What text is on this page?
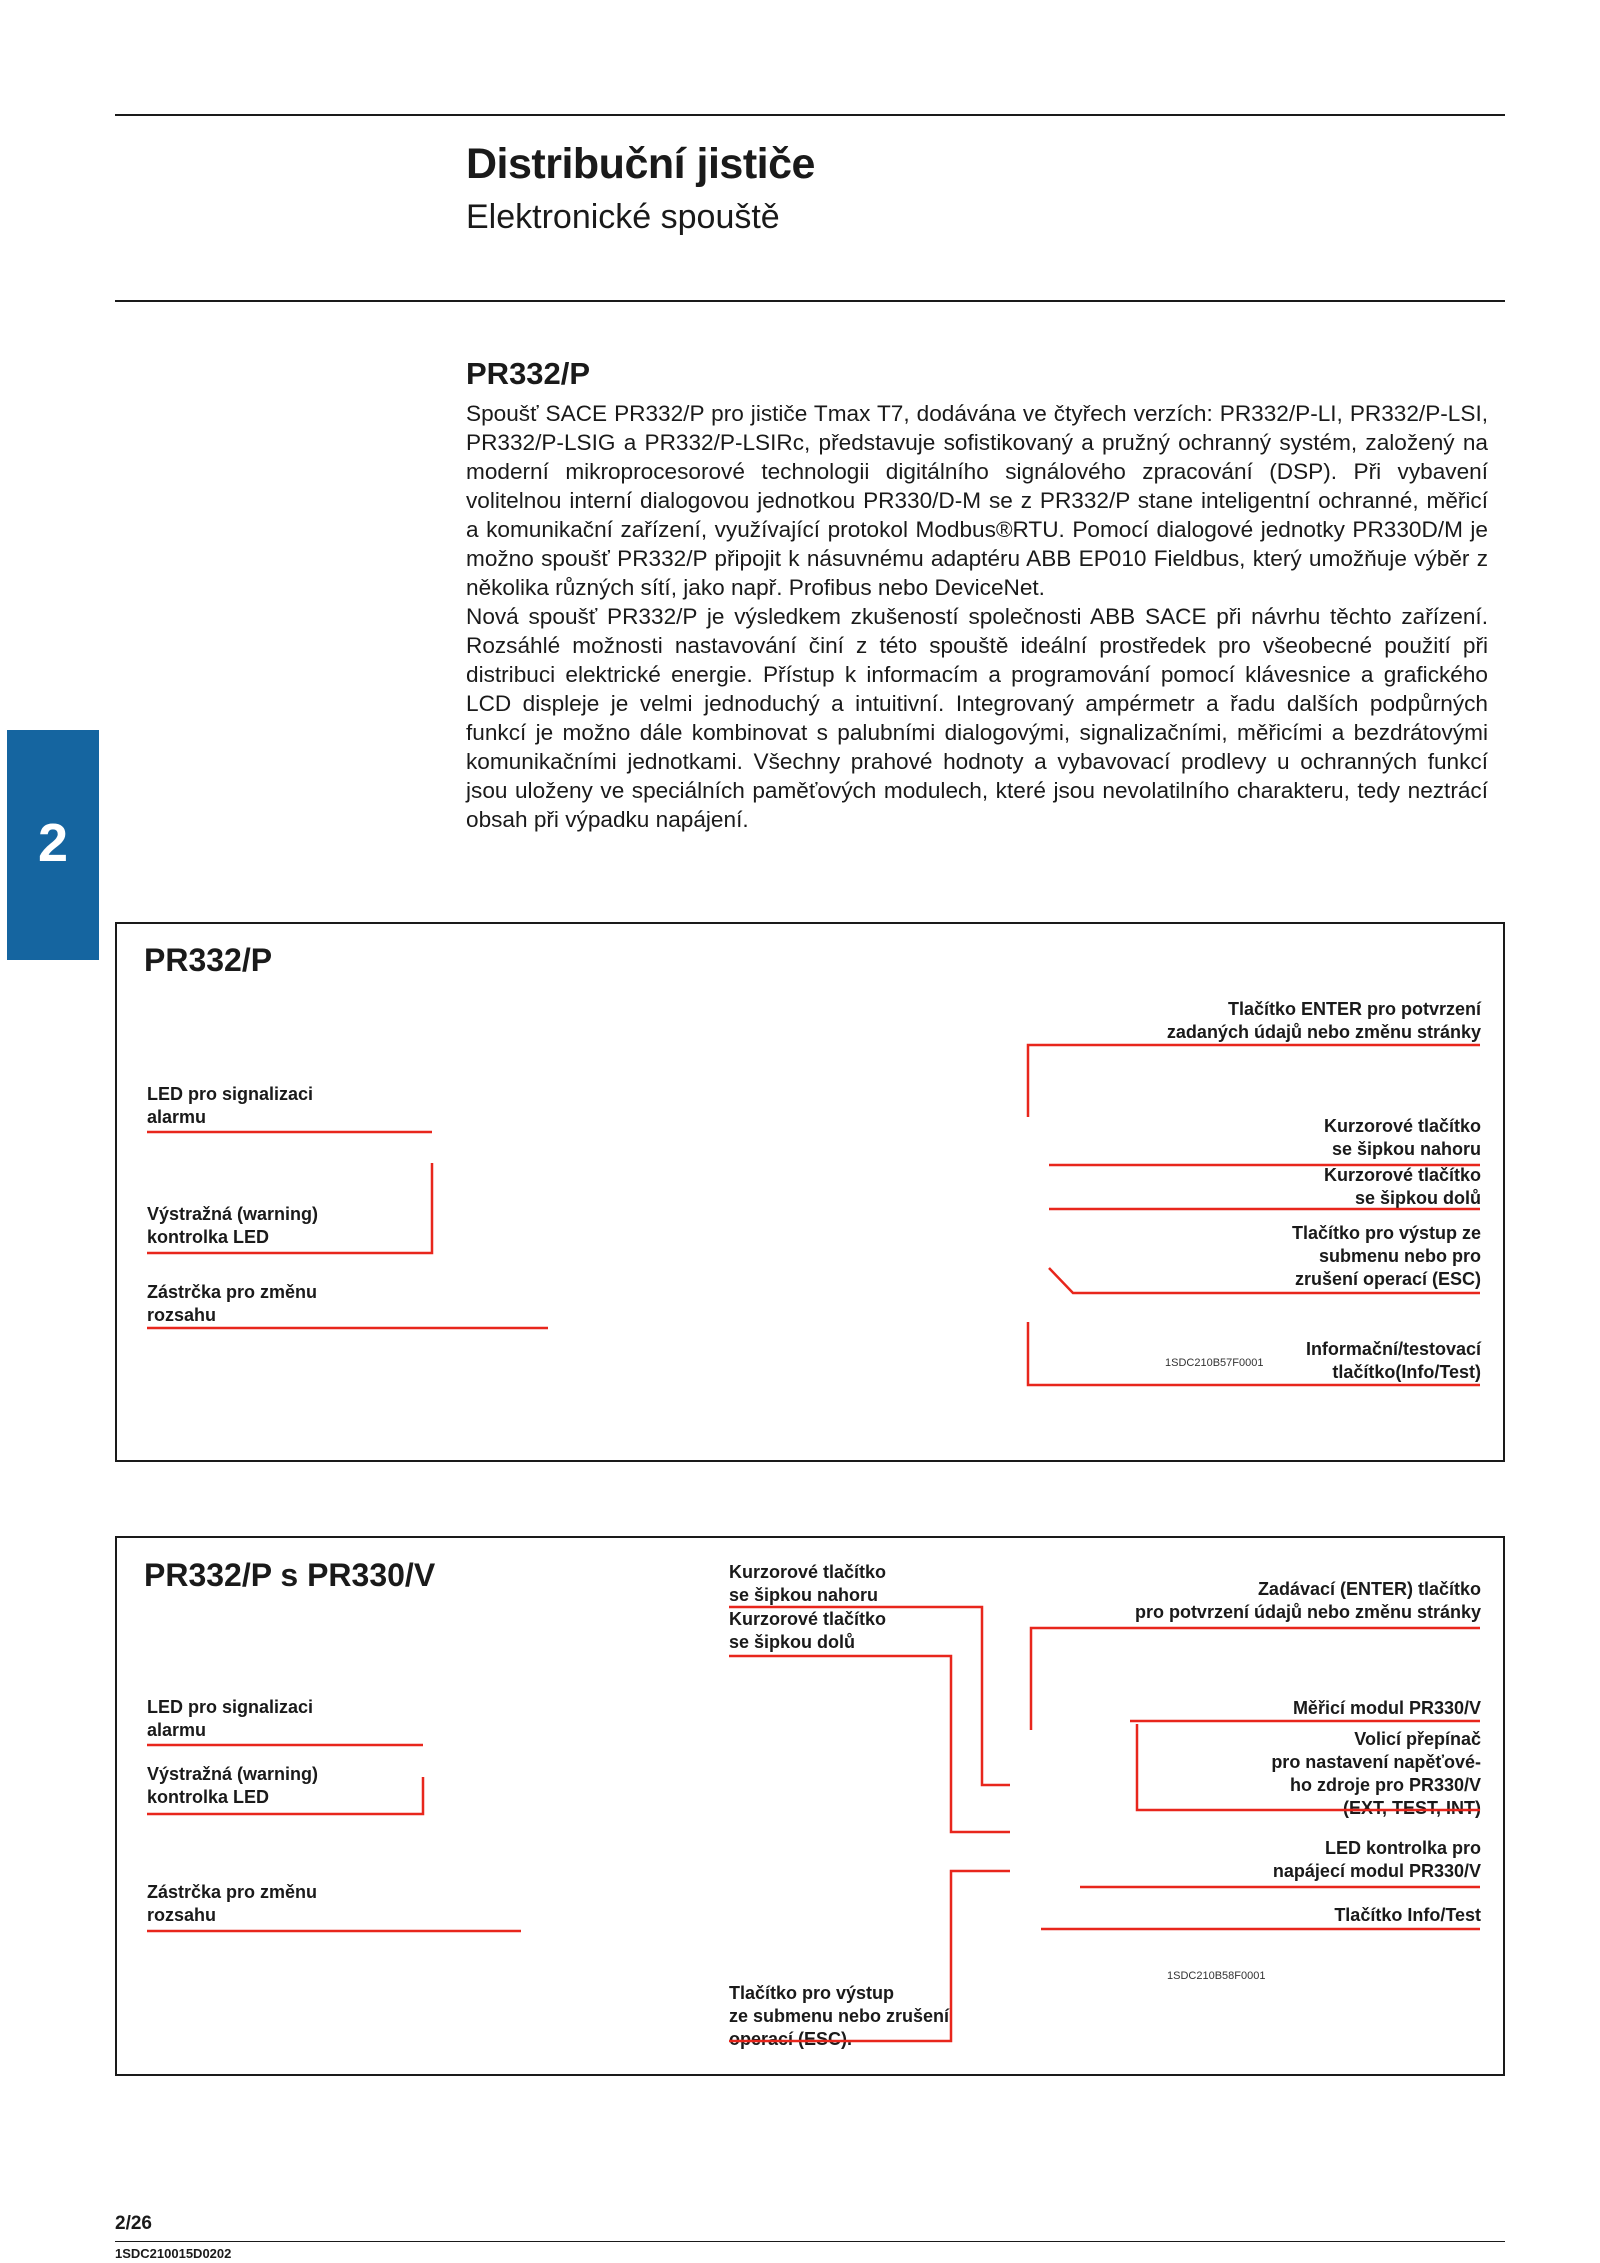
Distribuční jističe
Elektronické spouště
2
PR332/P

Spoušť SACE PR332/P pro jističe Tmax T7, dodávána ve čtyřech verzích: PR332/P-LI, PR332/P-LSI, PR332/P-LSIG a PR332/P-LSIRc, představuje sofistikovaný a pružný ochranný systém, založený na moderní mikroprocesorové technologii digitálního signálového zpracování (DSP). Při vybavení volitelnou interní dialogovou jednotkou PR330/D-M se z PR332/P stane inteligentní ochranné, měřicí a komunikační zařízení, využívající protokol Modbus®RTU. Pomocí dialogové jednotky PR330D/M je možno spoušť PR332/P připojit k násuvnému adaptéru ABB EP010 Fieldbus, který umožňuje výběr z několika různých sítí, jako např. Profibus nebo DeviceNet.

Nová spoušť PR332/P je výsledkem zkušeností společnosti ABB SACE při návrhu těchto zařízení. Rozsáhlé možnosti nastavování činí z této spouště ideální prostředek pro všeobecné použití při distribuci elektrické energie. Přístup k informacím a programování pomocí klávesnice a grafického LCD displeje je velmi jednoduchý a intuitivní. Integrovaný ampérmetr a řadu dalších podpůrných funkcí je možno dále kombinovat s palubními dialogovými, signalizačními, měřicími a bezdrátovými komunikačními jednotkami. Všechny prahové hodnoty a vybavovací prodlevy u ochranných funkcí jsou uloženy ve speciálních paměťových modulech, které jsou nevolatilního charakteru, tedy neztrácí obsah při výpadku napájení.

PR332/P
LED pro signalizaci
alarmu
Výstražná (warning)
kontrolka LED
Zástrčka pro změnu
rozsahu
Tlačítko ENTER pro potvrzení
zadaných údajů nebo změnu stránky
Kurzorové tlačítko
se šipkou nahoru
Kurzorové tlačítko
se šipkou dolů
Tlačítko pro výstup ze
submenu nebo pro
zrušení operací (ESC)
Informační/testovací
tlačítko(Info/Test)
1SDC210B57F0001
PR332/P s PR330/V
LED pro signalizaci
alarmu
Výstražná (warning)
kontrolka LED
Zástrčka pro změnu
rozsahu
Kurzorové tlačítko
se šipkou nahoru
Kurzorové tlačítko
se šipkou dolů
Tlačítko pro výstup
ze submenu nebo zrušení
operací (ESC).
Zadávací (ENTER) tlačítko
pro potvrzení údajů nebo změnu stránky
Měřicí modul PR330/V
Volicí přepínač
pro nastavení napěťové-
ho zdroje pro PR330/V
(EXT, TEST, INT)
LED kontrolka pro
napájecí modul PR330/V
Tlačítko Info/Test
1SDC210B58F0001
2/26
1SDC210015D0202
